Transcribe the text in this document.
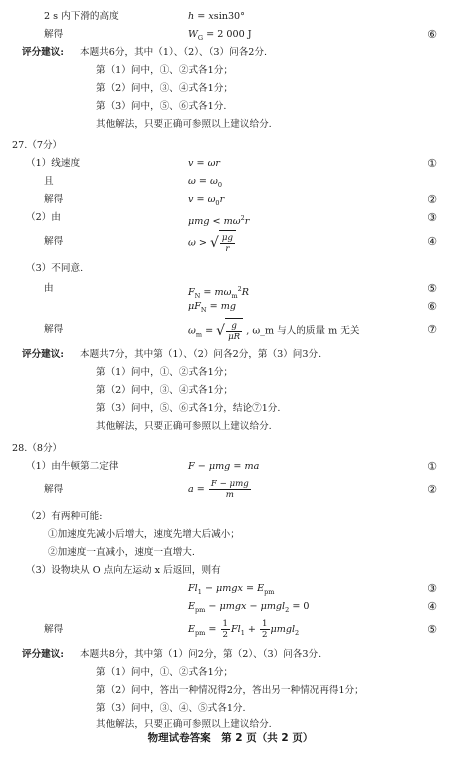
2 s 内下滑的高度	h = xsin30°
解得	$W_G = 2$ 000 J	⑥
评分建议: 本题共6分，其中（1）、（2）、（3）问各2分.
第（1）问中，①、②式各1分；
第（2）问中，③、④式各1分；
第（3）问中，⑤、⑥式各1分.
其他解法，只要正确可参照以上建议给分.
27.（7分）
（1）线速度	v = ωr	①
且	$\omega = \omega_0$
解得	$v = \omega_0r$	②
（2）由	$\mu mg < m\omega^2r$	③
解得	ω > √ $\frac{\mu g}{r}$	④
（3）不同意.
由	$F_N = m\omega_m^2R$	⑤
$\mu F_N$ = mg	⑥
解得	$\omega_m$ = √ $\frac{g}{\mu R}$ , ω_m 与人的质量 m 无关	⑦
评分建议: 本题共7分，其中第（1）、（2）问各2分，第（3）问3分.
第（1）问中，①、②式各1分；
第（2）问中，③、④式各1分；
第（3）问中，⑤、⑥式各1分，结论⑦1分.
其他解法，只要正确可参照以上建议给分.
28.（8分）
（1）由牛顿第二定律	F − μmg = ma	①
解得	$a = \frac{\text{F − μmg}}{m}$	②
（2）有两种可能:
①加速度先减小后增大，速度先增大后减小；
②加速度一直减小，速度一直增大.
（3）设物块从 O 点向左运动 x 后返回，则有
$Fl_1 - \mu mgx = E_{pm}$	③
$E_{pm} - \mu mgx - \mu mgl_2 = 0$	④
解得	$E_{pm} = \frac{1}{2} Fl_1 + \frac{1}{2} \mu mgl_2$	⑤
评分建议: 本题共8分，其中第（1）问2分，第（2）、（3）问各3分.
第（1）问中，①、②式各1分；
第（2）问中，答出一种情况得2分，答出另一种情况再得1分；
第（3）问中，③、④、⑤式各1分.
其他解法，只要正确可参照以上建议给分.
物理试卷答案　第 2 页（共 2 页）
